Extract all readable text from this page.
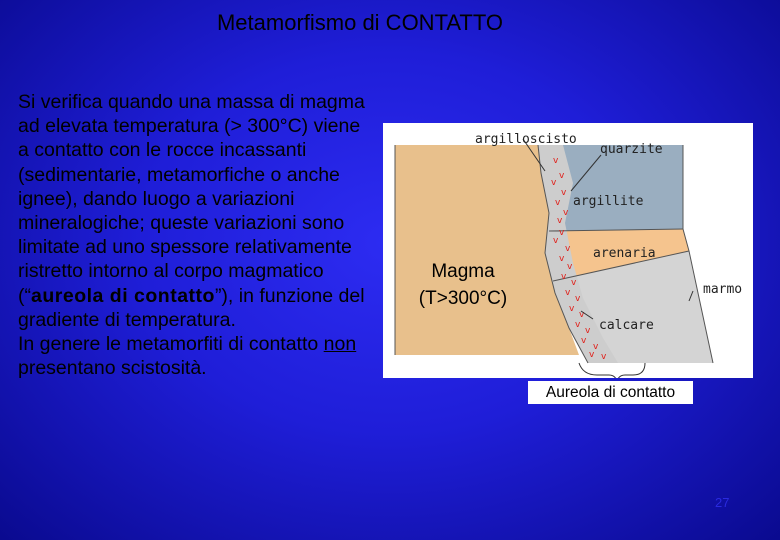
Metamorfismo di CONTATTO
Si verifica quando una massa di magma ad elevata temperatura (> 300°C) viene a contatto con le rocce incassanti (sedimentarie, metamorfiche o anche ignee), dando luogo a variazioni mineralogiche; queste variazioni sono limitate ad uno spessore relativamente ristretto intorno al corpo magmatico (“aureola di contatto”), in funzione del gradiente di temperatura.
In genere le metamorfiti di contatto non presentano scistosità.
v
v
v
v
v
v
v
v
v
v
v
v
v
v
v
v
v
v
v
v
v
v
v v
argilloscisto
quarzite
argillite
arenaria
marmo
calcare
Magma
(T>300°C)
Aureola di contatto
27
